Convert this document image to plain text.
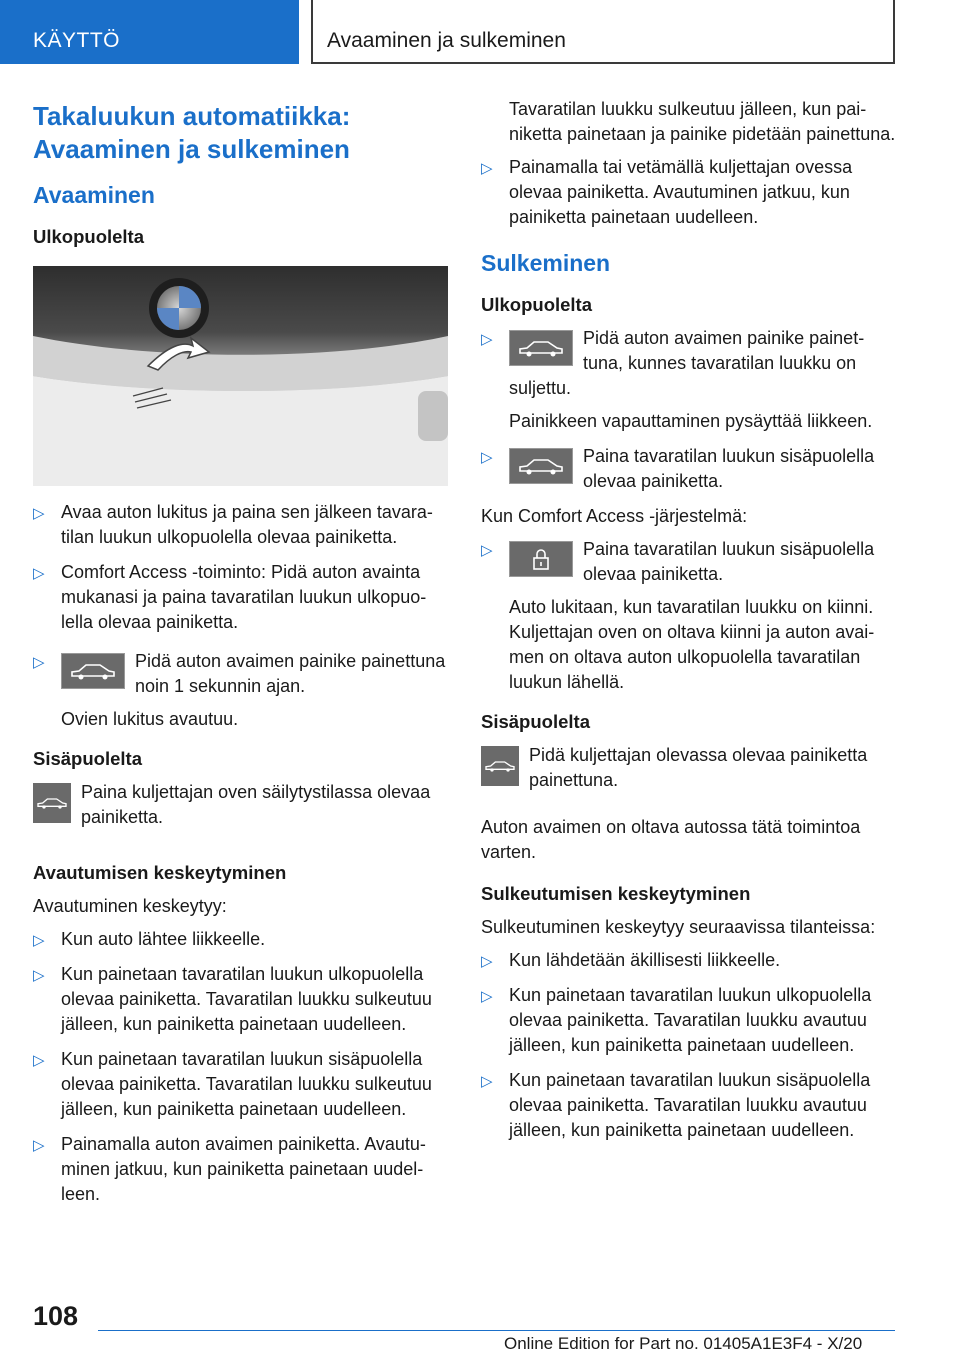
KÄYTTÖ	Avaaminen ja sulkeminen
Takaluukun automatiikka:
Avaaminen ja sulkeminen
Avaaminen
Ulkopuolelta
▷ Avaa auton lukitus ja paina sen jälkeen tavaratilan luukun ulkopuolella olevaa painiketta.
▷ Comfort Access -toiminto: Pidä auton avainta mukanasi ja paina tavaratilan luukun ulkopuolella olevaa painiketta.
▷	Pidä auton avaimen painike painettuna noin 1 sekunnin ajan.

Ovien lukitus avautuu.

Sisäpuolelta

Paina kuljettajan oven säilytystilassa olevaa painiketta.

Avautumisen keskeytyminen

Avautuminen keskeytyy:

▷ Kun auto lähtee liikkeelle.
▷ Kun painetaan tavaratilan luukun ulkopuolella olevaa painiketta. Tavaratilan luukku sulkeutuu jälleen, kun painiketta painetaan uudelleen.
▷ Kun painetaan tavaratilan luukun sisäpuolella olevaa painiketta. Tavaratilan luukku sulkeutuu jälleen, kun painiketta painetaan uudelleen.
▷ Painamalla auton avaimen painiketta. Avautuminen jatkuu, kun painiketta painetaan uudelleen.

Tavaratilan luukku sulkeutuu jälleen, kun painiketta painetaan ja painike pidetään painettuna.

▷ Painamalla tai vetämällä kuljettajan ovessa olevaa painiketta. Avautuminen jatkuu, kun painiketta painetaan uudelleen.
Sulkeminen
Ulkopuolelta
▷	Pidä auton avaimen painike painettuna, kunnes tavaratilan luukku on suljettu.

Painikkeen vapauttaminen pysäyttää liikkeen.

▷	Paina tavaratilan luukun sisäpuolella olevaa painiketta.

Kun Comfort Access -järjestelmä:

▷	Paina tavaratilan luukun sisäpuolella olevaa painiketta.

Auto lukitaan, kun tavaratilan luukku on kiinni. Kuljettajan oven on oltava kiinni ja auton avaimen on oltava auton ulkopuolella tavaratilan luukun lähellä.

Sisäpuolelta

Pidä kuljettajan olevassa olevaa painiketta painettuna.

Auton avaimen on oltava autossa tätä toimintoa varten.

Sulkeutumisen keskeytyminen

Sulkeutuminen keskeytyy seuraavissa tilanteissa:

▷ Kun lähdetään äkillisesti liikkeelle.
▷ Kun painetaan tavaratilan luukun ulkopuolella olevaa painiketta. Tavaratilan luukku avautuu jälleen, kun painiketta painetaan uudelleen.
▷ Kun painetaan tavaratilan luukun sisäpuolella olevaa painiketta. Tavaratilan luukku avautuu jälleen, kun painiketta painetaan uudelleen.
108
Online Edition for Part no. 01405A1E3F4 - X/20
